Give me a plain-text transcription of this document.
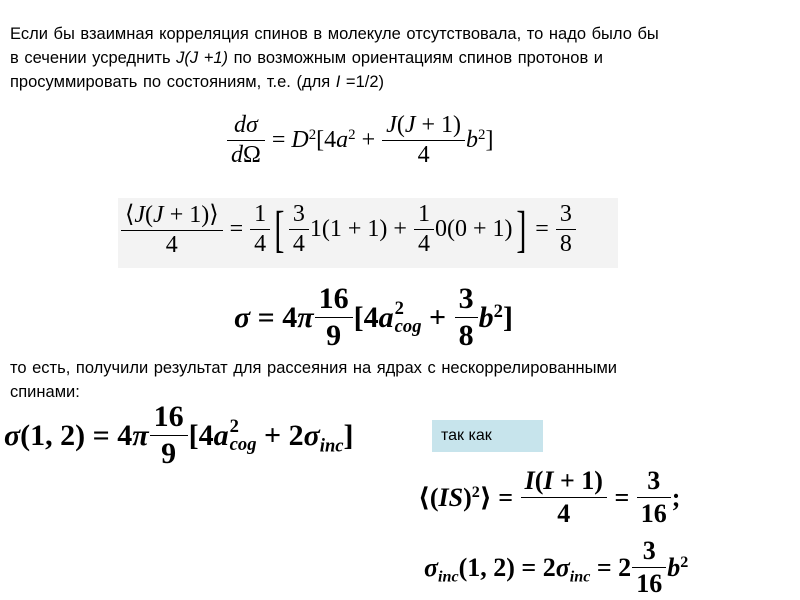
Если бы взаимная корреляция спинов в молекуле отсутствовала, то надо было бы

в сечении усреднить J(J +1) по возможным ориентациям спинов протонов и

просуммировать по состояниям, т.е. (для I =1/2)

$\frac{d\sigma}{d\Omega} = D^2[4a^2 + \frac{J(J + 1)}{4} b^2]$
$\frac{⟨J(J + 1)⟩}{4} = \frac{1}{4}$ [ $\frac{3}{4} 1(1 + 1) + \frac{1}{4} 0(0 + 1)$ ] = $\frac{3}{8}$
$\sigma = 4\pi \frac{16}{9} [4a$ 2
cog + $\frac{3}{8} b^2$]

то есть, получили результат для рассеяния на ядрах с нескоррелированными

спинами:

σ(1, $2) = 4\pi \frac{16}{9} [4a$ 2
cog + $2\sigma_{inc}$]	так как
⟨(IS)$^2$⟩ = $\frac{I(I + 1)}{4} = \frac{3}{16}$ ;
$\sigma_{inc}(1$, $2) = 2\sigma_{inc} = 2 \frac{3}{16} b^2$
